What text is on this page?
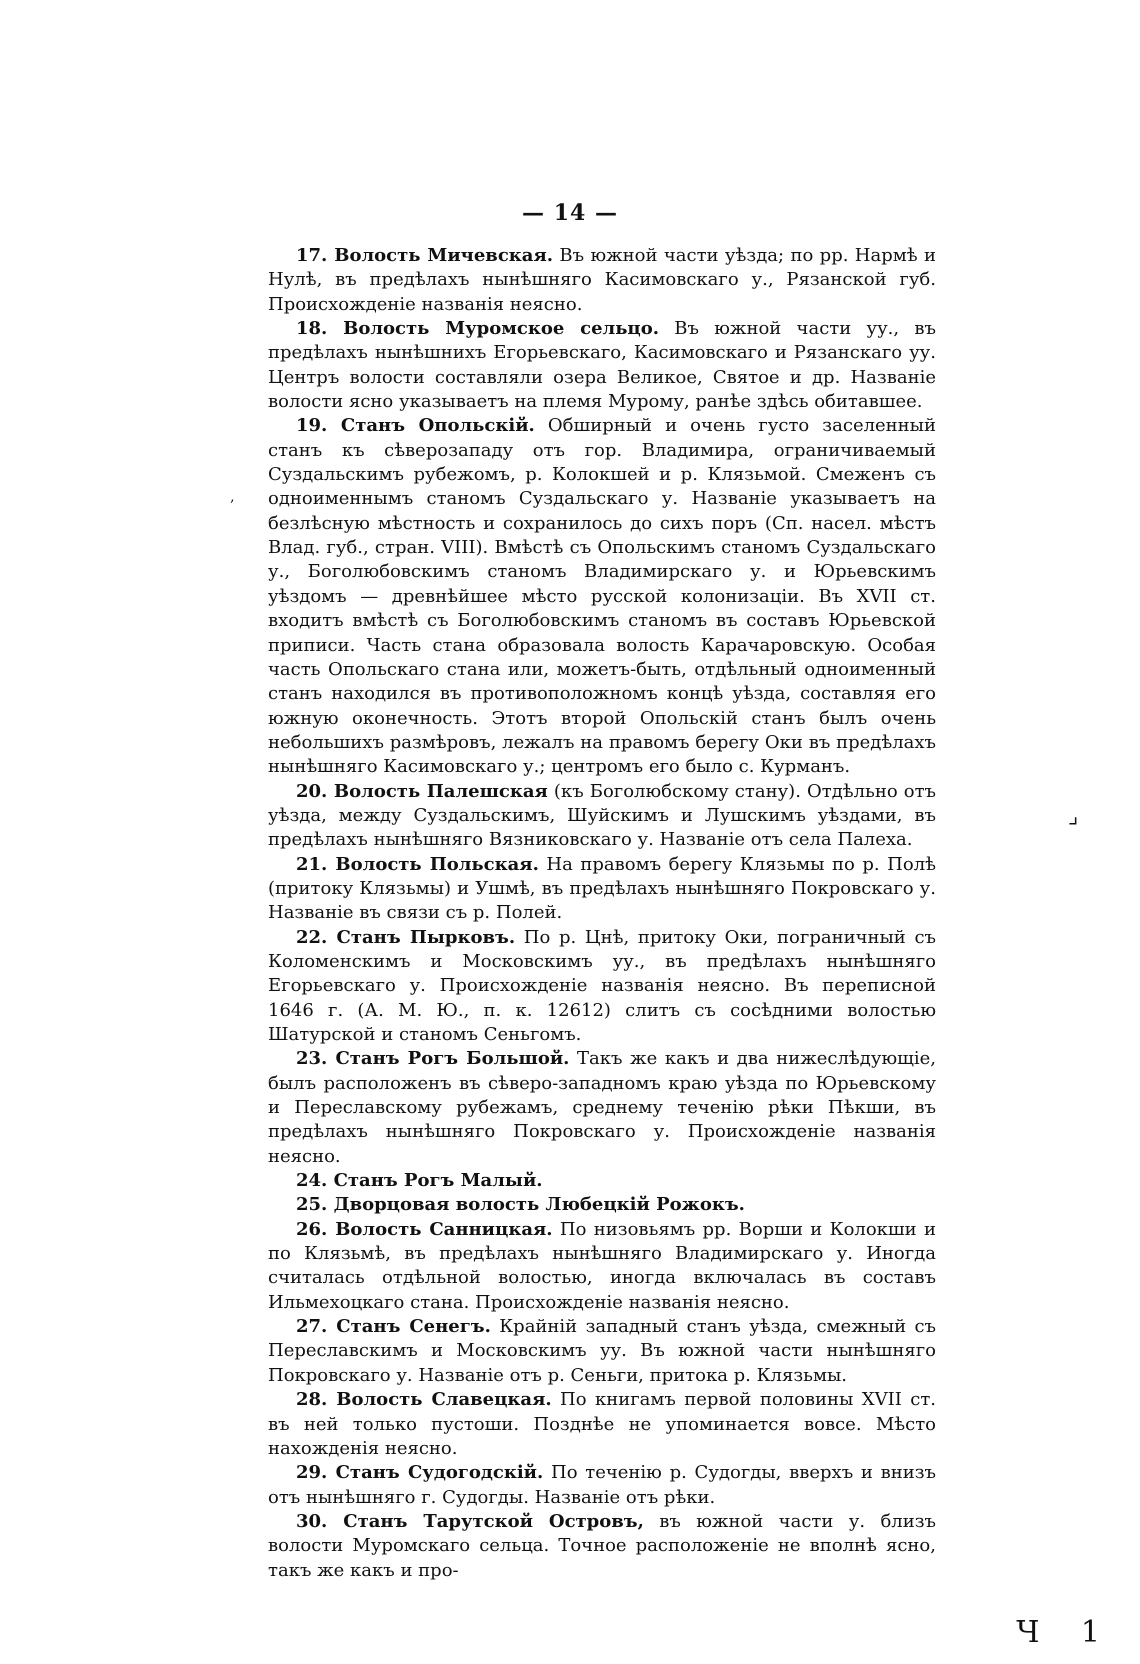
— 14 —

17. Волость Мичевская. Въ южной части уѣзда; по рр. Нармѣ и Нулѣ, въ предѣлахъ нынѣшняго Касимовскаго у., Рязанской губ. Происхожденіе названія неясно.

18. Волость Муромское сельцо. Въ южной части уу., въ предѣлахъ нынѣшнихъ Егорьевскаго, Касимовскаго и Рязанскаго уу. Центръ волости составляли озера Великое, Святое и др. Названіе волости ясно указываетъ на племя Мурому, ранѣе здѣсь обитавшее.

19. Станъ Опольскій. Обширный и очень густо заселенный станъ къ сѣверозападу отъ гор. Владимира, ограничиваемый Суздальскимъ рубежомъ, р. Колокшей и р. Клязьмой. Смеженъ съ одноименнымъ станомъ Суздальскаго у. Названіе указываетъ на безлѣсную мѣстность и сохранилось до сихъ поръ (Сп. насел. мѣстъ Влад. губ., стран. VIII). Вмѣстѣ съ Опольскимъ станомъ Суздальскаго у., Боголюбовскимъ станомъ Владимирскаго у. и Юрьевскимъ уѣздомъ — древнѣйшее мѣсто русской колонизаціи. Въ XVII ст. входитъ вмѣстѣ съ Боголюбовскимъ станомъ въ составъ Юрьевской приписи. Часть стана образовала волость Карачаровскую. Особая часть Опольскаго стана или, можетъ-быть, отдѣльный одноименный станъ находился въ противоположномъ концѣ уѣзда, составляя его южную оконечность. Этотъ второй Опольскій станъ былъ очень небольшихъ размѣровъ, лежалъ на правомъ берегу Оки въ предѣлахъ нынѣшняго Касимовскаго у.; центромъ его было с. Курманъ.

20. Волость Палешская (къ Боголюбскому стану). Отдѣльно отъ уѣзда, между Суздальскимъ, Шуйскимъ и Лушскимъ уѣздами, въ предѣлахъ нынѣшняго Вязниковскаго у. Названіе отъ села Палеха.

21. Волость Польская. На правомъ берегу Клязьмы по р. Полѣ (притоку Клязьмы) и Ушмѣ, въ предѣлахъ нынѣшняго Покровскаго у. Названіе въ связи съ р. Полей.

22. Станъ Пырковъ. По р. Цнѣ, притоку Оки, пограничный съ Коломенскимъ и Московскимъ уу., въ предѣлахъ нынѣшняго Егорьевскаго у. Происхожденіе названія неясно. Въ переписной 1646 г. (А. М. Ю., п. к. 12612) слитъ съ сосѣдними волостью Шатурской и станомъ Сеньгомъ.

23. Станъ Рогъ Большой. Такъ же какъ и два нижеслѣдующіе, былъ расположенъ въ сѣверо-западномъ краю уѣзда по Юрьевскому и Переславскому рубежамъ, среднему теченію рѣки Пѣкши, въ предѣлахъ нынѣшняго Покровскаго у. Происхожденіе названія неясно.

24. Станъ Рогъ Малый.

25. Дворцовая волость Любецкій Рожокъ.

26. Волость Санницкая. По низовьямъ рр. Ворши и Колокши и по Клязьмѣ, въ предѣлахъ нынѣшняго Владимирскаго у. Иногда считалась отдѣльной волостью, иногда включалась въ составъ Ильмехоцкаго стана. Происхожденіе названія неясно.

27. Станъ Сенегъ. Крайній западный станъ уѣзда, смежный съ Переславскимъ и Московскимъ уу. Въ южной части нынѣшняго Покровскаго у. Названіе отъ р. Сеньги, притока р. Клязьмы.

28. Волость Славецкая. По книгамъ первой половины XVII ст. въ ней только пустоши. Позднѣе не упоминается вовсе. Мѣсто нахожденія неясно.

29. Станъ Судогодскій. По теченію р. Судогды, вверхъ и внизъ отъ нынѣшняго г. Судогды. Названіе отъ рѣки.

30. Станъ Тарутской Островъ, въ южной части у. близъ волости Муромскаго сельца. Точное расположеніе не вполнѣ ясно, такъ же какъ и про-

‚
⌟
Ч 1
